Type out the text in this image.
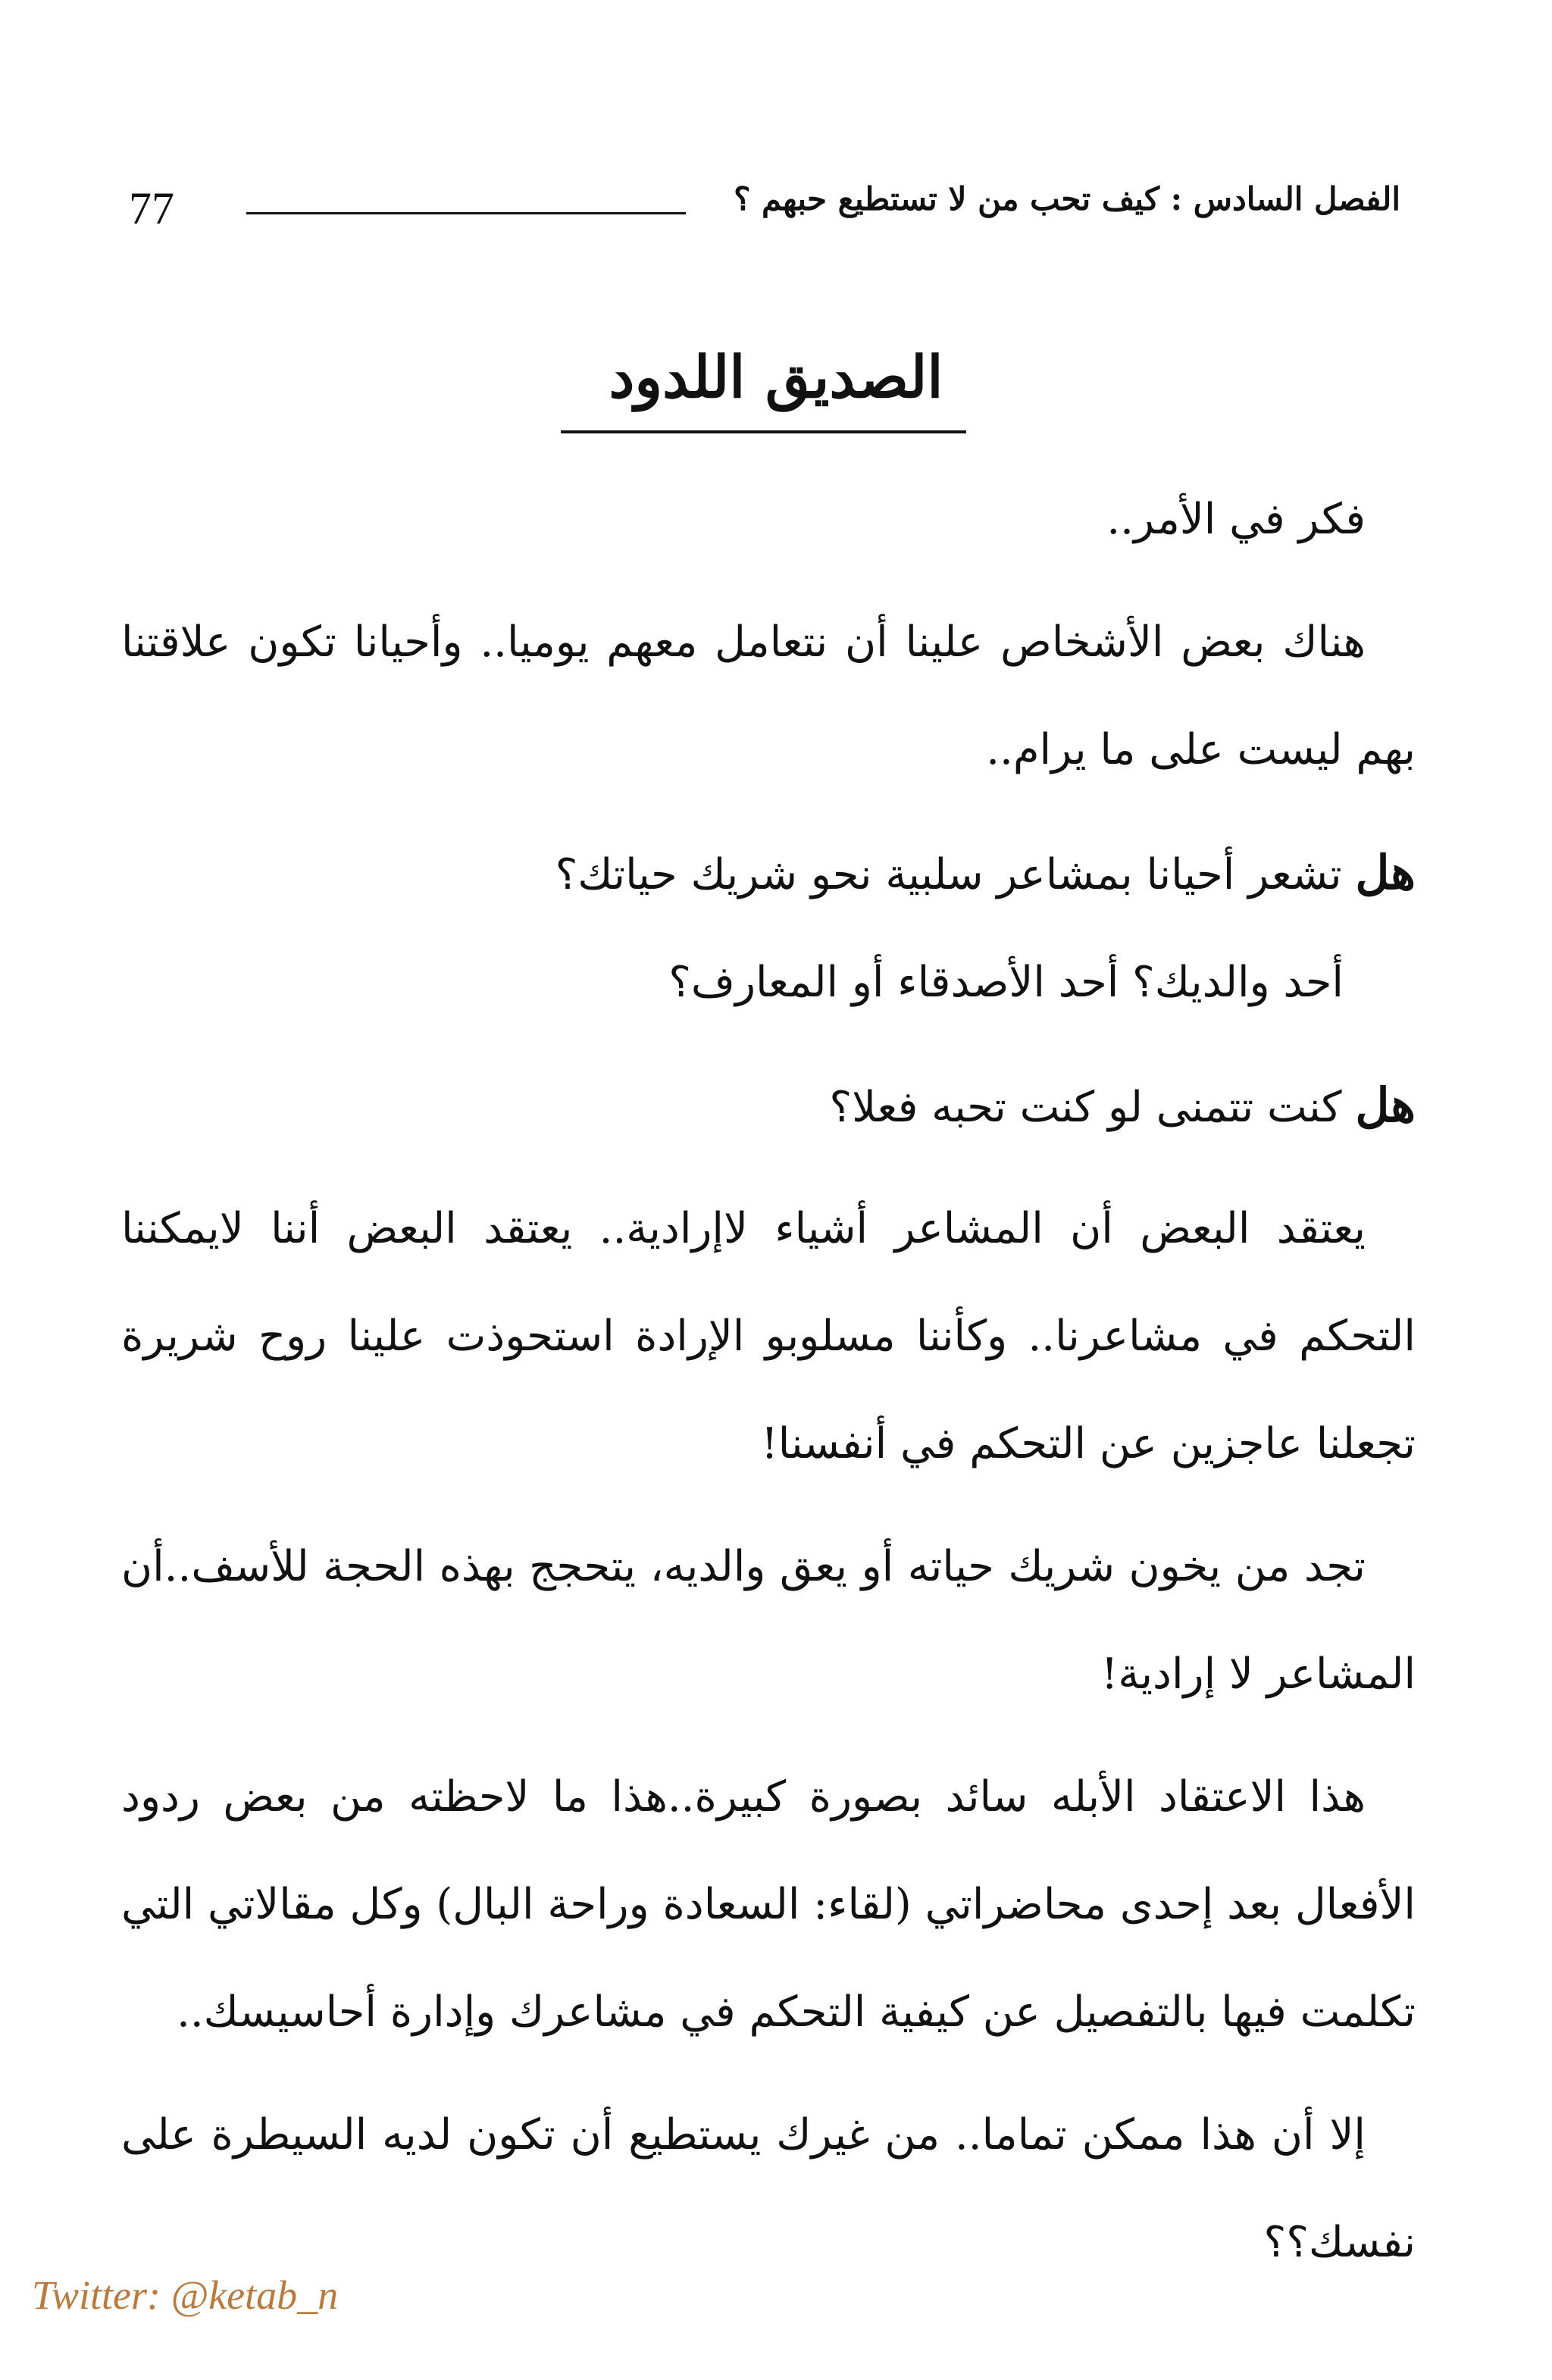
77	الفصل السادس : كيف تحب من لا تستطيع حبهم ؟
الصديق اللدود

فكر في الأمر..

هناك بعض الأشخاص علينا أن نتعامل معهم يوميا.. وأحيانا تكون علاقتنا بهم ليست على ما يرام..

هل تشعر أحيانا بمشاعر سلبية نحو شريك حياتك؟

أحد والديك؟ أحد الأصدقاء أو المعارف؟

هل كنت تتمنى لو كنت تحبه فعلا؟

يعتقد البعض أن المشاعر أشياء لاإرادية.. يعتقد البعض أننا لايمكننا التحكم في مشاعرنا.. وكأننا مسلوبو الإرادة استحوذت علينا روح شريرة تجعلنا عاجزين عن التحكم في أنفسنا!

تجد من يخون شريك حياته أو يعق والديه، يتحجج بهذه الحجة للأسف..أن المشاعر لا إرادية!

هذا الاعتقاد الأبله سائد بصورة كبيرة..هذا ما لاحظته من بعض ردود الأفعال بعد إحدى محاضراتي (لقاء: السعادة وراحة البال) وكل مقالاتي التي تكلمت فيها بالتفصيل عن كيفية التحكم في مشاعرك وإدارة أحاسيسك..

إلا أن هذا ممكن تماما.. من غيرك يستطيع أن تكون لديه السيطرة على نفسك؟؟

Twitter: @ketab_n
